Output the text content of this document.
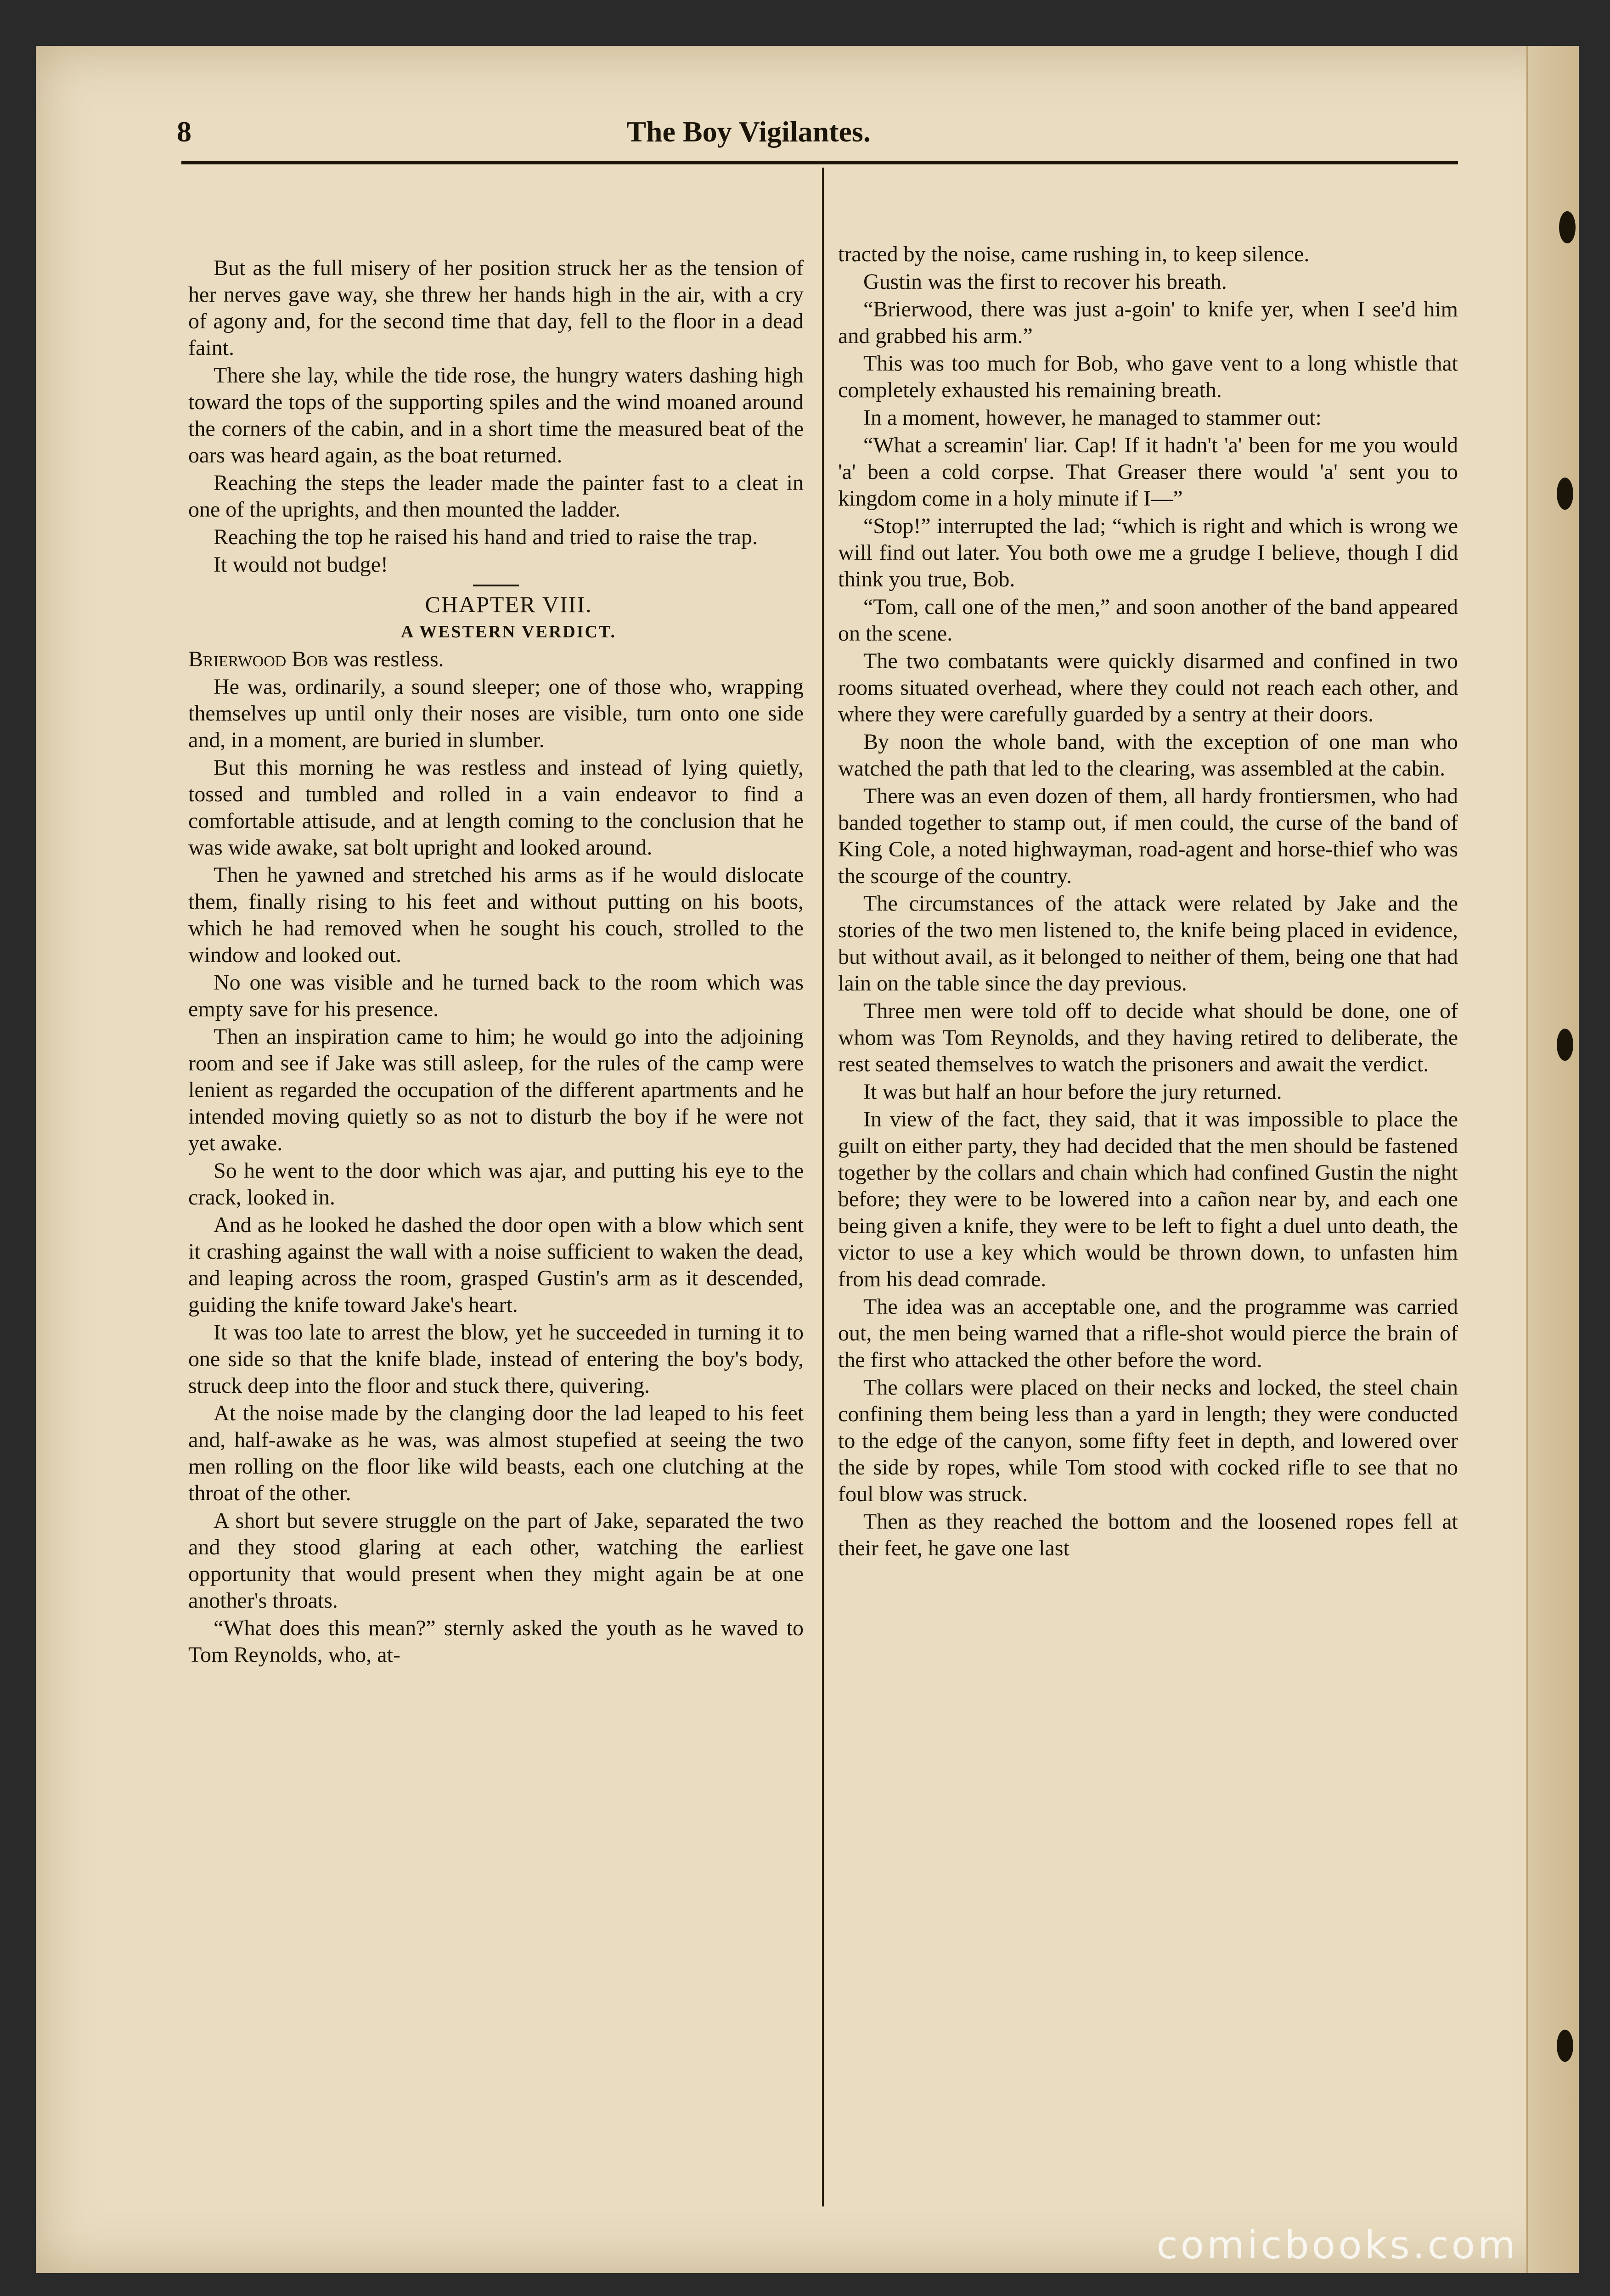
8	The Boy Vigilantes.

But as the full misery of her position struck her as the tension of her nerves gave way, she threw her hands high in the air, with a cry of agony and, for the second time that day, fell to the floor in a dead faint.

There she lay, while the tide rose, the hungry waters dashing high toward the tops of the supporting spiles and the wind moaned around the corners of the cabin, and in a short time the measured beat of the oars was heard again, as the boat returned.

Reaching the steps the leader made the painter fast to a cleat in one of the uprights, and then mounted the ladder.

Reaching the top he raised his hand and tried to raise the trap.

It would not budge!

CHAPTER VIII.

A WESTERN VERDICT.

Brierwood Bob was restless.

He was, ordinarily, a sound sleeper; one of those who, wrapping themselves up until only their noses are visible, turn onto one side and, in a moment, are buried in slumber.

But this morning he was restless and instead of lying quietly, tossed and tumbled and rolled in a vain endeavor to find a comfortable attisude, and at length coming to the conclusion that he was wide awake, sat bolt upright and looked around.

Then he yawned and stretched his arms as if he would dislocate them, finally rising to his feet and without putting on his boots, which he had removed when he sought his couch, strolled to the window and looked out.

No one was visible and he turned back to the room which was empty save for his presence.

Then an inspiration came to him; he would go into the adjoining room and see if Jake was still asleep, for the rules of the camp were lenient as regarded the occupation of the different apartments and he intended moving quietly so as not to disturb the boy if he were not yet awake.

So he went to the door which was ajar, and putting his eye to the crack, looked in.

And as he looked he dashed the door open with a blow which sent it crashing against the wall with a noise sufficient to waken the dead, and leaping across the room, grasped Gustin's arm as it descended, guiding the knife toward Jake's heart.

It was too late to arrest the blow, yet he succeeded in turning it to one side so that the knife blade, instead of entering the boy's body, struck deep into the floor and stuck there, quivering.

At the noise made by the clanging door the lad leaped to his feet and, half-awake as he was, was almost stupefied at seeing the two men rolling on the floor like wild beasts, each one clutching at the throat of the other.

A short but severe struggle on the part of Jake, separated the two and they stood glaring at each other, watching the earliest opportunity that would present when they might again be at one another's throats.

“What does this mean?” sternly asked the youth as he waved to Tom Reynolds, who, at-

tracted by the noise, came rushing in, to keep silence.

Gustin was the first to recover his breath.

“Brierwood, there was just a-goin' to knife yer, when I see'd him and grabbed his arm.”

This was too much for Bob, who gave vent to a long whistle that completely exhausted his remaining breath.

In a moment, however, he managed to stammer out:

“What a screamin' liar. Cap! If it hadn't 'a' been for me you would 'a' been a cold corpse. That Greaser there would 'a' sent you to kingdom come in a holy minute if I—”

“Stop!” interrupted the lad; “which is right and which is wrong we will find out later. You both owe me a grudge I believe, though I did think you true, Bob.

“Tom, call one of the men,” and soon another of the band appeared on the scene.

The two combatants were quickly disarmed and confined in two rooms situated overhead, where they could not reach each other, and where they were carefully guarded by a sentry at their doors.

By noon the whole band, with the exception of one man who watched the path that led to the clearing, was assembled at the cabin.

There was an even dozen of them, all hardy frontiersmen, who had banded together to stamp out, if men could, the curse of the band of King Cole, a noted highwayman, road-agent and horse-thief who was the scourge of the country.

The circumstances of the attack were related by Jake and the stories of the two men listened to, the knife being placed in evidence, but without avail, as it belonged to neither of them, being one that had lain on the table since the day previous.

Three men were told off to decide what should be done, one of whom was Tom Reynolds, and they having retired to deliberate, the rest seated themselves to watch the prisoners and await the verdict.

It was but half an hour before the jury returned.

In view of the fact, they said, that it was impossible to place the guilt on either party, they had decided that the men should be fastened together by the collars and chain which had confined Gustin the night before; they were to be lowered into a cañon near by, and each one being given a knife, they were to be left to fight a duel unto death, the victor to use a key which would be thrown down, to unfasten him from his dead comrade.

The idea was an acceptable one, and the programme was carried out, the men being warned that a rifle-shot would pierce the brain of the first who attacked the other before the word.

The collars were placed on their necks and locked, the steel chain confining them being less than a yard in length; they were conducted to the edge of the canyon, some fifty feet in depth, and lowered over the side by ropes, while Tom stood with cocked rifle to see that no foul blow was struck.

Then as they reached the bottom and the loosened ropes fell at their feet, he gave one last

comicbooks.com
